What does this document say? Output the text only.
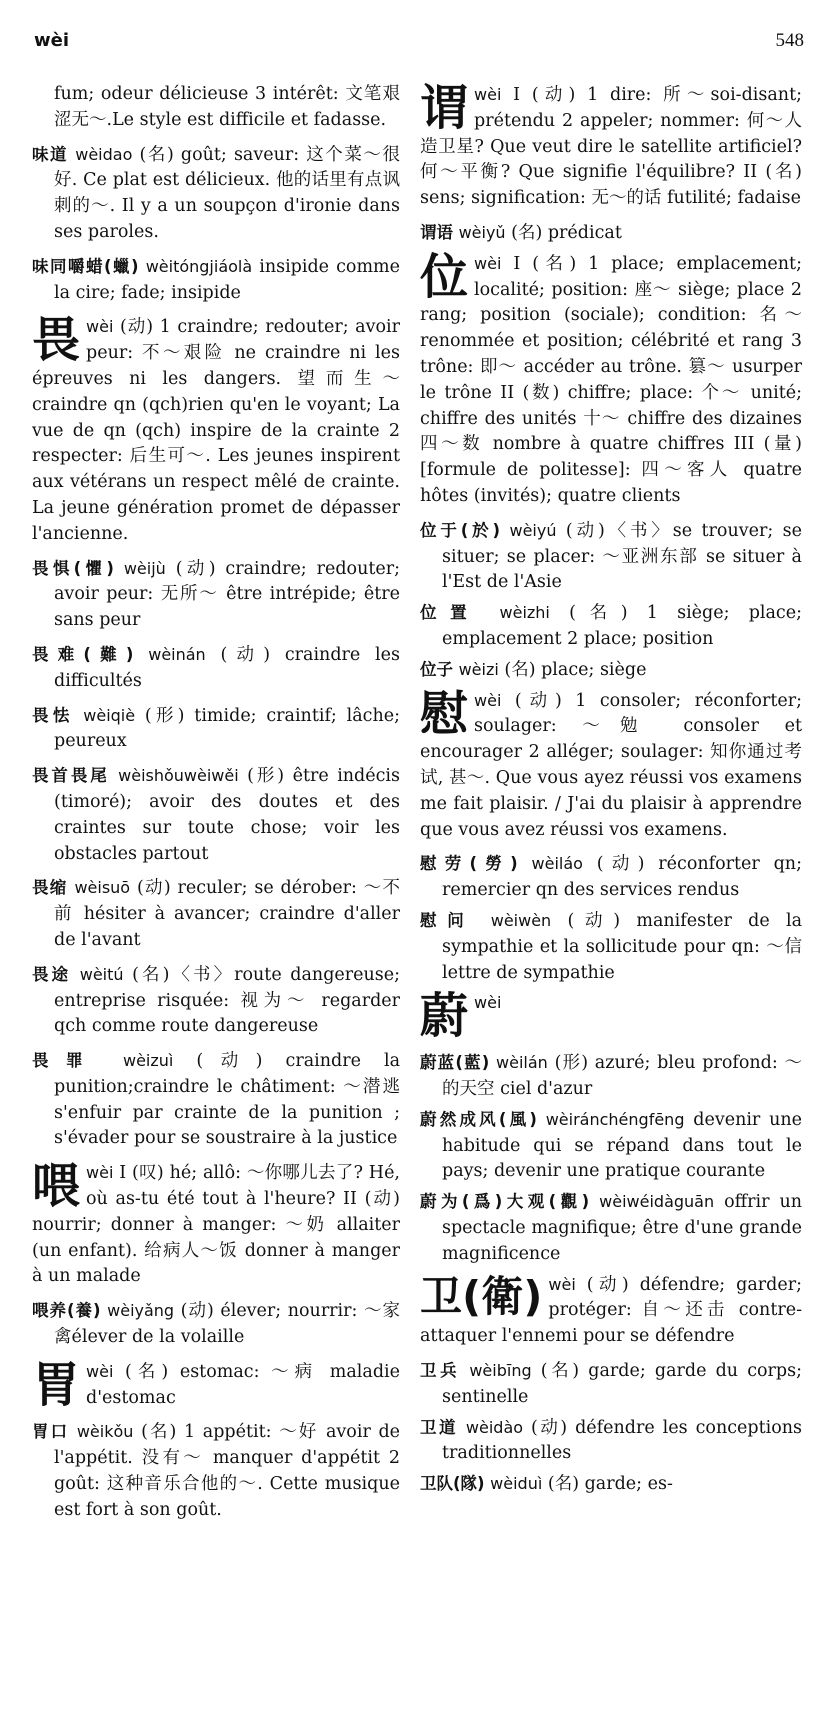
wèi	548
fum; odeur délicieuse 3 intérêt: 文笔艰涩无～.Le style est difficile et fadasse.
味道 wèidao (名) goût; saveur: 这个菜～很好. Ce plat est délicieux. 他的话里有点讽刺的～. Il y a un soupçon d'ironie dans ses paroles.
味同嚼蜡(蠟) wèitóngjiáolà insipide comme la cire; fade; insipide
畏wèi (动) 1 craindre; redouter; avoir peur: 不～艰险 ne craindre ni les épreuves ni les dangers. 望而生～ craindre qn (qch)rien qu'en le voyant; La vue de qn (qch) inspire de la crainte 2 respecter: 后生可～. Les jeunes inspirent aux vétérans un respect mêlé de crainte. La jeune génération promet de dépasser l'ancienne.
畏惧(懼) wèijù (动) craindre; redouter; avoir peur: 无所～ être intrépide; être sans peur
畏难(難) wèinán (动) craindre les difficultés
畏怯 wèiqiè (形) timide; craintif; lâche; peureux
畏首畏尾 wèishǒuwèiwěi (形) être indécis (timoré); avoir des doutes et des craintes sur toute chose; voir les obstacles partout
畏缩 wèisuō (动) reculer; se dérober: ～不前 hésiter à avancer; craindre d'aller de l'avant
畏途 wèitú (名)〈书〉route dangereuse; entreprise risquée: 视为～ regarder qch comme route dangereuse
畏罪 wèizuì (动) craindre la punition;craindre le châtiment: ～潜逃 s'enfuir par crainte de la punition ; s'évader pour se soustraire à la justice
喂wèi I (叹) hé; allô: ～你哪儿去了? Hé, où as-tu été tout à l'heure? II (动) nourrir; donner à manger: ～奶 allaiter (un enfant). 给病人～饭 donner à manger à un malade
喂养(養) wèiyǎng (动) élever; nourrir: ～家禽élever de la volaille
胃wèi (名) estomac: ～病 maladie d'estomac
胃口 wèikǒu (名) 1 appétit: ～好 avoir de l'appétit. 没有～ manquer d'appétit 2 goût: 这种音乐合他的～. Cette musique est fort à son goût.
谓wèi I (动) 1 dire: 所～soi-disant; prétendu 2 appeler; nommer: 何～人造卫星? Que veut dire le satellite artificiel? 何～平衡? Que signifie l'équilibre? II (名) sens; signification: 无～的话 futilité; fadaise
谓语 wèiyǔ (名) prédicat
位wèi I (名) 1 place; emplacement; localité; position: 座～ siège; place 2 rang; position (sociale); condition: 名～ renommée et position; célébrité et rang 3 trône: 即～ accéder au trône. 篡～ usurper le trône II (数) chiffre; place: 个～ unité; chiffre des unités 十～ chiffre des dizaines 四～数 nombre à quatre chiffres III (量) [formule de politesse]: 四～客人 quatre hôtes (invités); quatre clients
位于(於) wèiyú (动)〈书〉se trouver; se situer; se placer: ～亚洲东部 se situer à l'Est de l'Asie
位置 wèizhi (名) 1 siège; place; emplacement 2 place; position
位子 wèizi (名) place; siège
慰wèi (动) 1 consoler; réconforter; soulager: ～勉 consoler et encourager 2 alléger; soulager: 知你通过考试, 甚～. Que vous ayez réussi vos examens me fait plaisir. / J'ai du plaisir à apprendre que vous avez réussi vos examens.
慰劳(勞) wèiláo (动) réconforter qn; remercier qn des services rendus
慰问 wèiwèn (动) manifester de la sympathie et la sollicitude pour qn: ～信 lettre de sympathie
蔚wèi
蔚蓝(藍) wèilán (形) azuré; bleu profond: ～的天空 ciel d'azur
蔚然成风(風) wèiránchéngfēng devenir une habitude qui se répand dans tout le pays; devenir une pratique courante
蔚为(爲)大观(觀) wèiwéidàguān offrir un spectacle magnifique; être d'une grande magnificence
卫(衛) wèi (动) défendre; garder; protéger: 自～还击 contre-attaquer l'ennemi pour se défendre
卫兵 wèibīng (名) garde; garde du corps; sentinelle
卫道 wèidào (动) défendre les conceptions traditionnelles
卫队(隊) wèiduì (名) garde; es-
